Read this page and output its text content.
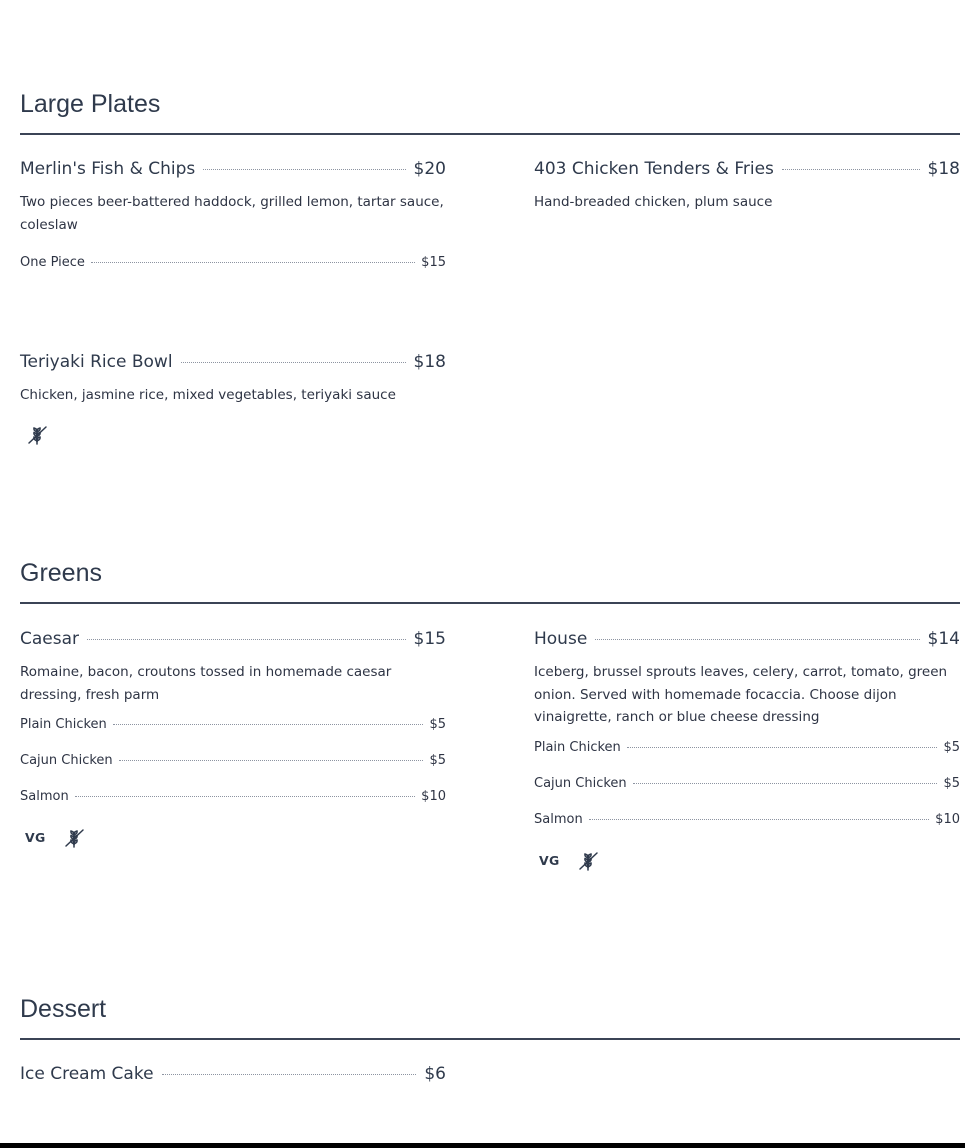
Large Plates
Merlin's Fish & Chips	$20
Two pieces beer-battered haddock, grilled lemon, tartar sauce, coleslaw
One Piece	$15
403 Chicken Tenders & Fries	$18
Hand-breaded chicken, plum sauce
Teriyaki Rice Bowl	$18
Chicken, jasmine rice, mixed vegetables, teriyaki sauce
Greens
Caesar	$15
Romaine, bacon, croutons tossed in homemade caesar dressing, fresh parm
Plain Chicken	$5
Cajun Chicken	$5
Salmon	$10
VG
House	$14
Iceberg, brussel sprouts leaves, celery, carrot, tomato, green onion. Served with homemade focaccia. Choose dijon vinaigrette, ranch or blue cheese dressing
Plain Chicken	$5
Cajun Chicken	$5
Salmon	$10
VG
Dessert
Ice Cream Cake	$6
